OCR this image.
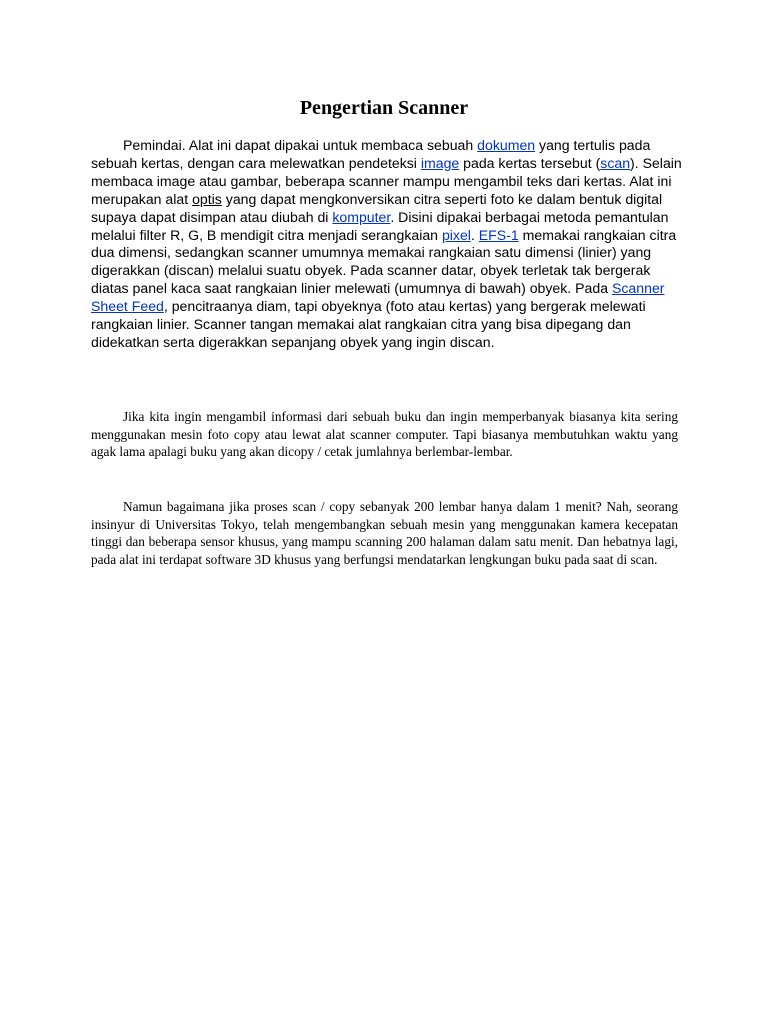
Pengertian Scanner

Pemindai. Alat ini dapat dipakai untuk membaca sebuah dokumen yang tertulis pada sebuah kertas, dengan cara melewatkan pendeteksi image pada kertas tersebut (scan). Selain membaca image atau gambar, beberapa scanner mampu mengambil teks dari kertas. Alat ini merupakan alat optis yang dapat mengkonversikan citra seperti foto ke dalam bentuk digital supaya dapat disimpan atau diubah di komputer. Disini dipakai berbagai metoda pemantulan melalui filter R, G, B mendigit citra menjadi serangkaian pixel. EFS-1 memakai rangkaian citra dua dimensi, sedangkan scanner umumnya memakai rangkaian satu dimensi (linier) yang digerakkan (discan) melalui suatu obyek. Pada scanner datar, obyek terletak tak bergerak diatas panel kaca saat rangkaian linier melewati (umumnya di bawah) obyek. Pada Scanner Sheet Feed, pencitraanya diam, tapi obyeknya (foto atau kertas) yang bergerak melewati rangkaian linier. Scanner tangan memakai alat rangkaian citra yang bisa dipegang dan didekatkan serta digerakkan sepanjang obyek yang ingin discan.

Jika kita ingin mengambil informasi dari sebuah buku dan ingin memperbanyak biasanya kita sering menggunakan mesin foto copy atau lewat alat scanner computer. Tapi biasanya membutuhkan waktu yang agak lama apalagi buku yang akan dicopy / cetak jumlahnya berlembar-lembar.

Namun bagaimana jika proses scan / copy sebanyak 200 lembar hanya dalam 1 menit? Nah, seorang insinyur di Universitas Tokyo, telah mengembangkan sebuah mesin yang menggunakan kamera kecepatan tinggi dan beberapa sensor khusus, yang mampu scanning 200 halaman dalam satu menit. Dan hebatnya lagi, pada alat ini terdapat software 3D khusus yang berfungsi mendatarkan lengkungan buku pada saat di scan.
